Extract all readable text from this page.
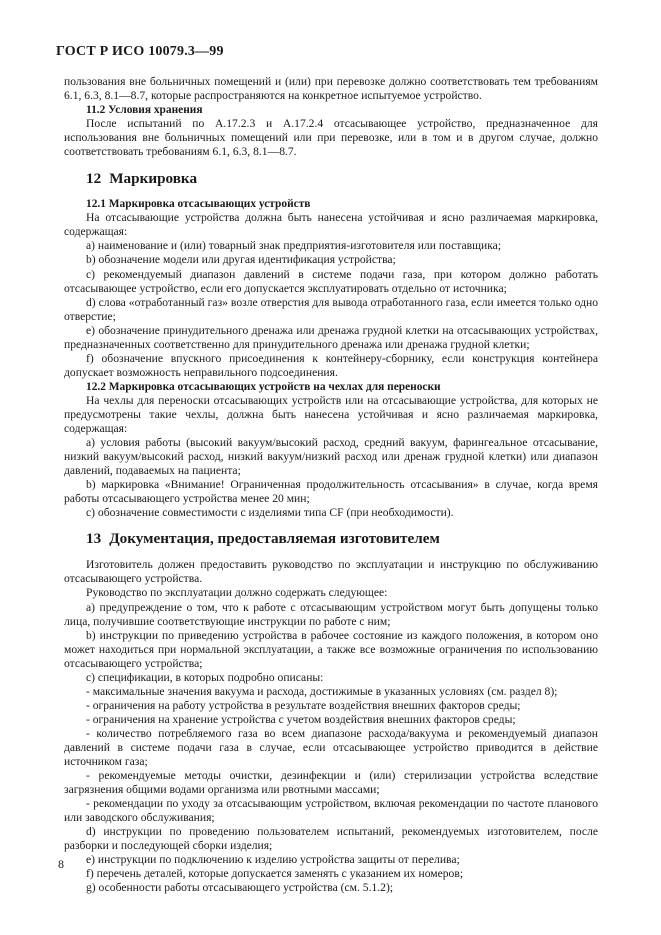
ГОСТ Р ИСО 10079.3—99

пользования вне больничных помещений и (или) при перевозке должно соответствовать тем требованиям 6.1, 6.3, 8.1—8.7, которые распространяются на конкретное испытуемое устройство.

11.2 Условия хранения

После испытаний по А.17.2.3 и А.17.2.4 отсасывающее устройство, предназначенное для использования вне больничных помещений или при перевозке, или в том и в другом случае, должно соответствовать требованиям 6.1, 6.3, 8.1—8.7.

12 Маркировка

12.1 Маркировка отсасывающих устройств

На отсасывающие устройства должна быть нанесена устойчивая и ясно различаемая маркировка, содержащая:

а) наименование и (или) товарный знак предприятия-изготовителя или поставщика;

b) обозначение модели или другая идентификация устройства;

с) рекомендуемый диапазон давлений в системе подачи газа, при котором должно работать отсасывающее устройство, если его допускается эксплуатировать отдельно от источника;

d) слова «отработанный газ» возле отверстия для вывода отработанного газа, если имеется только одно отверстие;

е) обозначение принудительного дренажа или дренажа грудной клетки на отсасывающих устройствах, предназначенных соответственно для принудительного дренажа или дренажа грудной клетки;

f) обозначение впускного присоединения к контейнеру-сборнику, если конструкция контейнера допускает возможность неправильного подсоединения.

12.2 Маркировка отсасывающих устройств на чехлах для переноски

На чехлы для переноски отсасывающих устройств или на отсасывающие устройства, для которых не предусмотрены такие чехлы, должна быть нанесена устойчивая и ясно различаемая маркировка, содержащая:

а) условия работы (высокий вакуум/высокий расход, средний вакуум, фарингеальное отсасывание, низкий вакуум/высокий расход, низкий вакуум/низкий расход или дренаж грудной клетки) или диапазон давлений, подаваемых на пациента;

b) маркировка «Внимание! Ограниченная продолжительность отсасывания» в случае, когда время работы отсасывающего устройства менее 20 мин;

с) обозначение совместимости с изделиями типа CF (при необходимости).

13 Документация, предоставляемая изготовителем

Изготовитель должен предоставить руководство по эксплуатации и инструкцию по обслуживанию отсасывающего устройства.

Руководство по эксплуатации должно содержать следующее:

а) предупреждение о том, что к работе с отсасывающим устройством могут быть допущены только лица, получившие соответствующие инструкции по работе с ним;

b) инструкции по приведению устройства в рабочее состояние из каждого положения, в котором оно может находиться при нормальной эксплуатации, а также все возможные ограничения по использованию отсасывающего устройства;

с) спецификации, в которых подробно описаны:

- максимальные значения вакуума и расхода, достижимые в указанных условиях (см. раздел 8);

- ограничения на работу устройства в результате воздействия внешних факторов среды;

- ограничения на хранение устройства с учетом воздействия внешних факторов среды;

- количество потребляемого газа во всем диапазоне расхода/вакуума и рекомендуемый диапазон давлений в системе подачи газа в случае, если отсасывающее устройство приводится в действие источником газа;

- рекомендуемые методы очистки, дезинфекции и (или) стерилизации устройства вследствие загрязнения общими водами организма или рвотными массами;

- рекомендации по уходу за отсасывающим устройством, включая рекомендации по частоте планового или заводского обслуживания;

d) инструкции по проведению пользователем испытаний, рекомендуемых изготовителем, после разборки и последующей сборки изделия;

е) инструкции по подключению к изделию устройства защиты от перелива;

f) перечень деталей, которые допускается заменять с указанием их номеров;

g) особенности работы отсасывающего устройства (см. 5.1.2);

8
